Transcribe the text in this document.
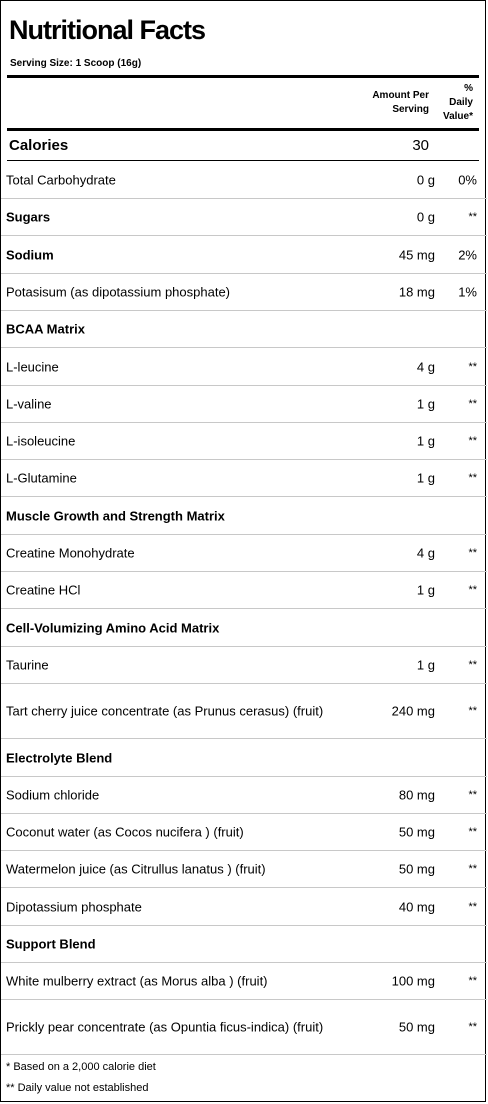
Nutritional Facts
Serving Size: 1 Scoop (16g)
Amount Per
Serving
%
Daily
Value*
Calories	30
Total Carbohydrate	0 g 0%
Sugars	0 g	**
Sodium	45 mg 2%
Potasisum (as dipotassium phosphate)	18 mg 1%
BCAA Matrix
L-leucine	4 g	**
L-valine	1 g	**
L-isoleucine	1 g	**
L-Glutamine	1 g	**
Muscle Growth and Strength Matrix
Creatine Monohydrate	4 g	**
Creatine HCl	1 g	**
Cell-Volumizing Amino Acid Matrix
Taurine	1 g	**
Tart cherry juice concentrate (as Prunus cerasus) (fruit)	240 mg	**
Electrolyte Blend
Sodium chloride	80 mg	**
Coconut water (as Cocos nucifera ) (fruit)	50 mg	**
Watermelon juice (as Citrullus lanatus ) (fruit)	50 mg	**
Dipotassium phosphate	40 mg	**
Support Blend
White mulberry extract (as Morus alba ) (fruit)	100 mg	**
Prickly pear concentrate (as Opuntia ficus-indica) (fruit)	50 mg	**
* Based on a 2,000 calorie diet
** Daily value not established
